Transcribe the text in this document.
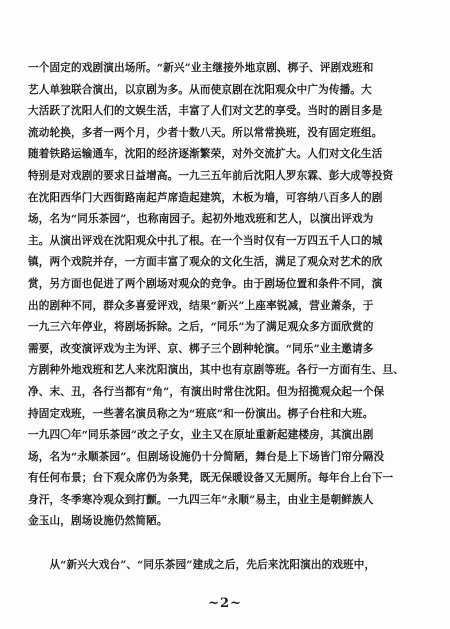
一个固定的戏剧演出场所。“新兴”业主继接外地京剧、梆子、评剧戏班和
艺人单独联合演出，以京剧为多。从而使京剧在沈阳观众中广为传播。大
大活跃了沈阳人们的文娱生活，丰富了人们对文艺的享受。当时的剧目多是
流动轮换，多者一两个月，少者十数八天。所以常常换班，没有固定班组。
随着铁路运输通车，沈阳的经济逐渐繁荣，对外交流扩大。人们对文化生活
特别是对戏剧的要求日益增高。一九三五年前后沈阳人罗东霖、彭大成等投资
在沈阳西华门大西街路南起芦席造起建筑，木板为墙，可容纳八百多人的剧
场，名为“同乐茶园”，也称南园子。起初外地戏班和艺人，以演出评戏为
主。从演出评戏在沈阳观众中扎了根。在一个当时仅有一万四五千人口的城
镇，两个戏院并存，一方面丰富了观众的文化生活，满足了观众对艺术的欣
赏，另方面也促进了两个剧场对观众的竞争。由于剧场位置和条件不同，演
出的剧种不同，群众多喜爱评戏，结果“新兴”上座率锐减，营业萧条，于
一九三六年停业，将剧场拆除。之后，“同乐”为了满足观众多方面欣赏的
需要，改变演评戏为主为评、京、梆子三个剧种轮演。“同乐”业主邀请多
方剧种外地戏班和艺人来沈阳演出，其中也有京剧等班。各行一方面有生、旦、
净、末、丑，各行当都有“角”，有演出时常住沈阳。但为招揽观众起一个保
持固定戏班，一些著名演员称之为“班底”和一份演出。梆子台柱和大班。
一九四〇年“同乐茶园”改之子女，业主又在原址重新起建楼房，其演出剧
场，名为“永顺茶园”。但剧场设施仍十分简陋，舞台是上下场皆门帘分隔没
有任何布景；台下观众席仍为条凳，既无保暖设备又无厕所。每年台上台下一
身汗，冬季寒冷观众到打颤。一九四三年“永顺”易主，由业主是朝鲜族人
金玉山，剧场设施仍然简陋。
　　从“新兴大戏台”、“同乐茶园”建成之后，先后来沈阳演出的戏班中，
~2~
